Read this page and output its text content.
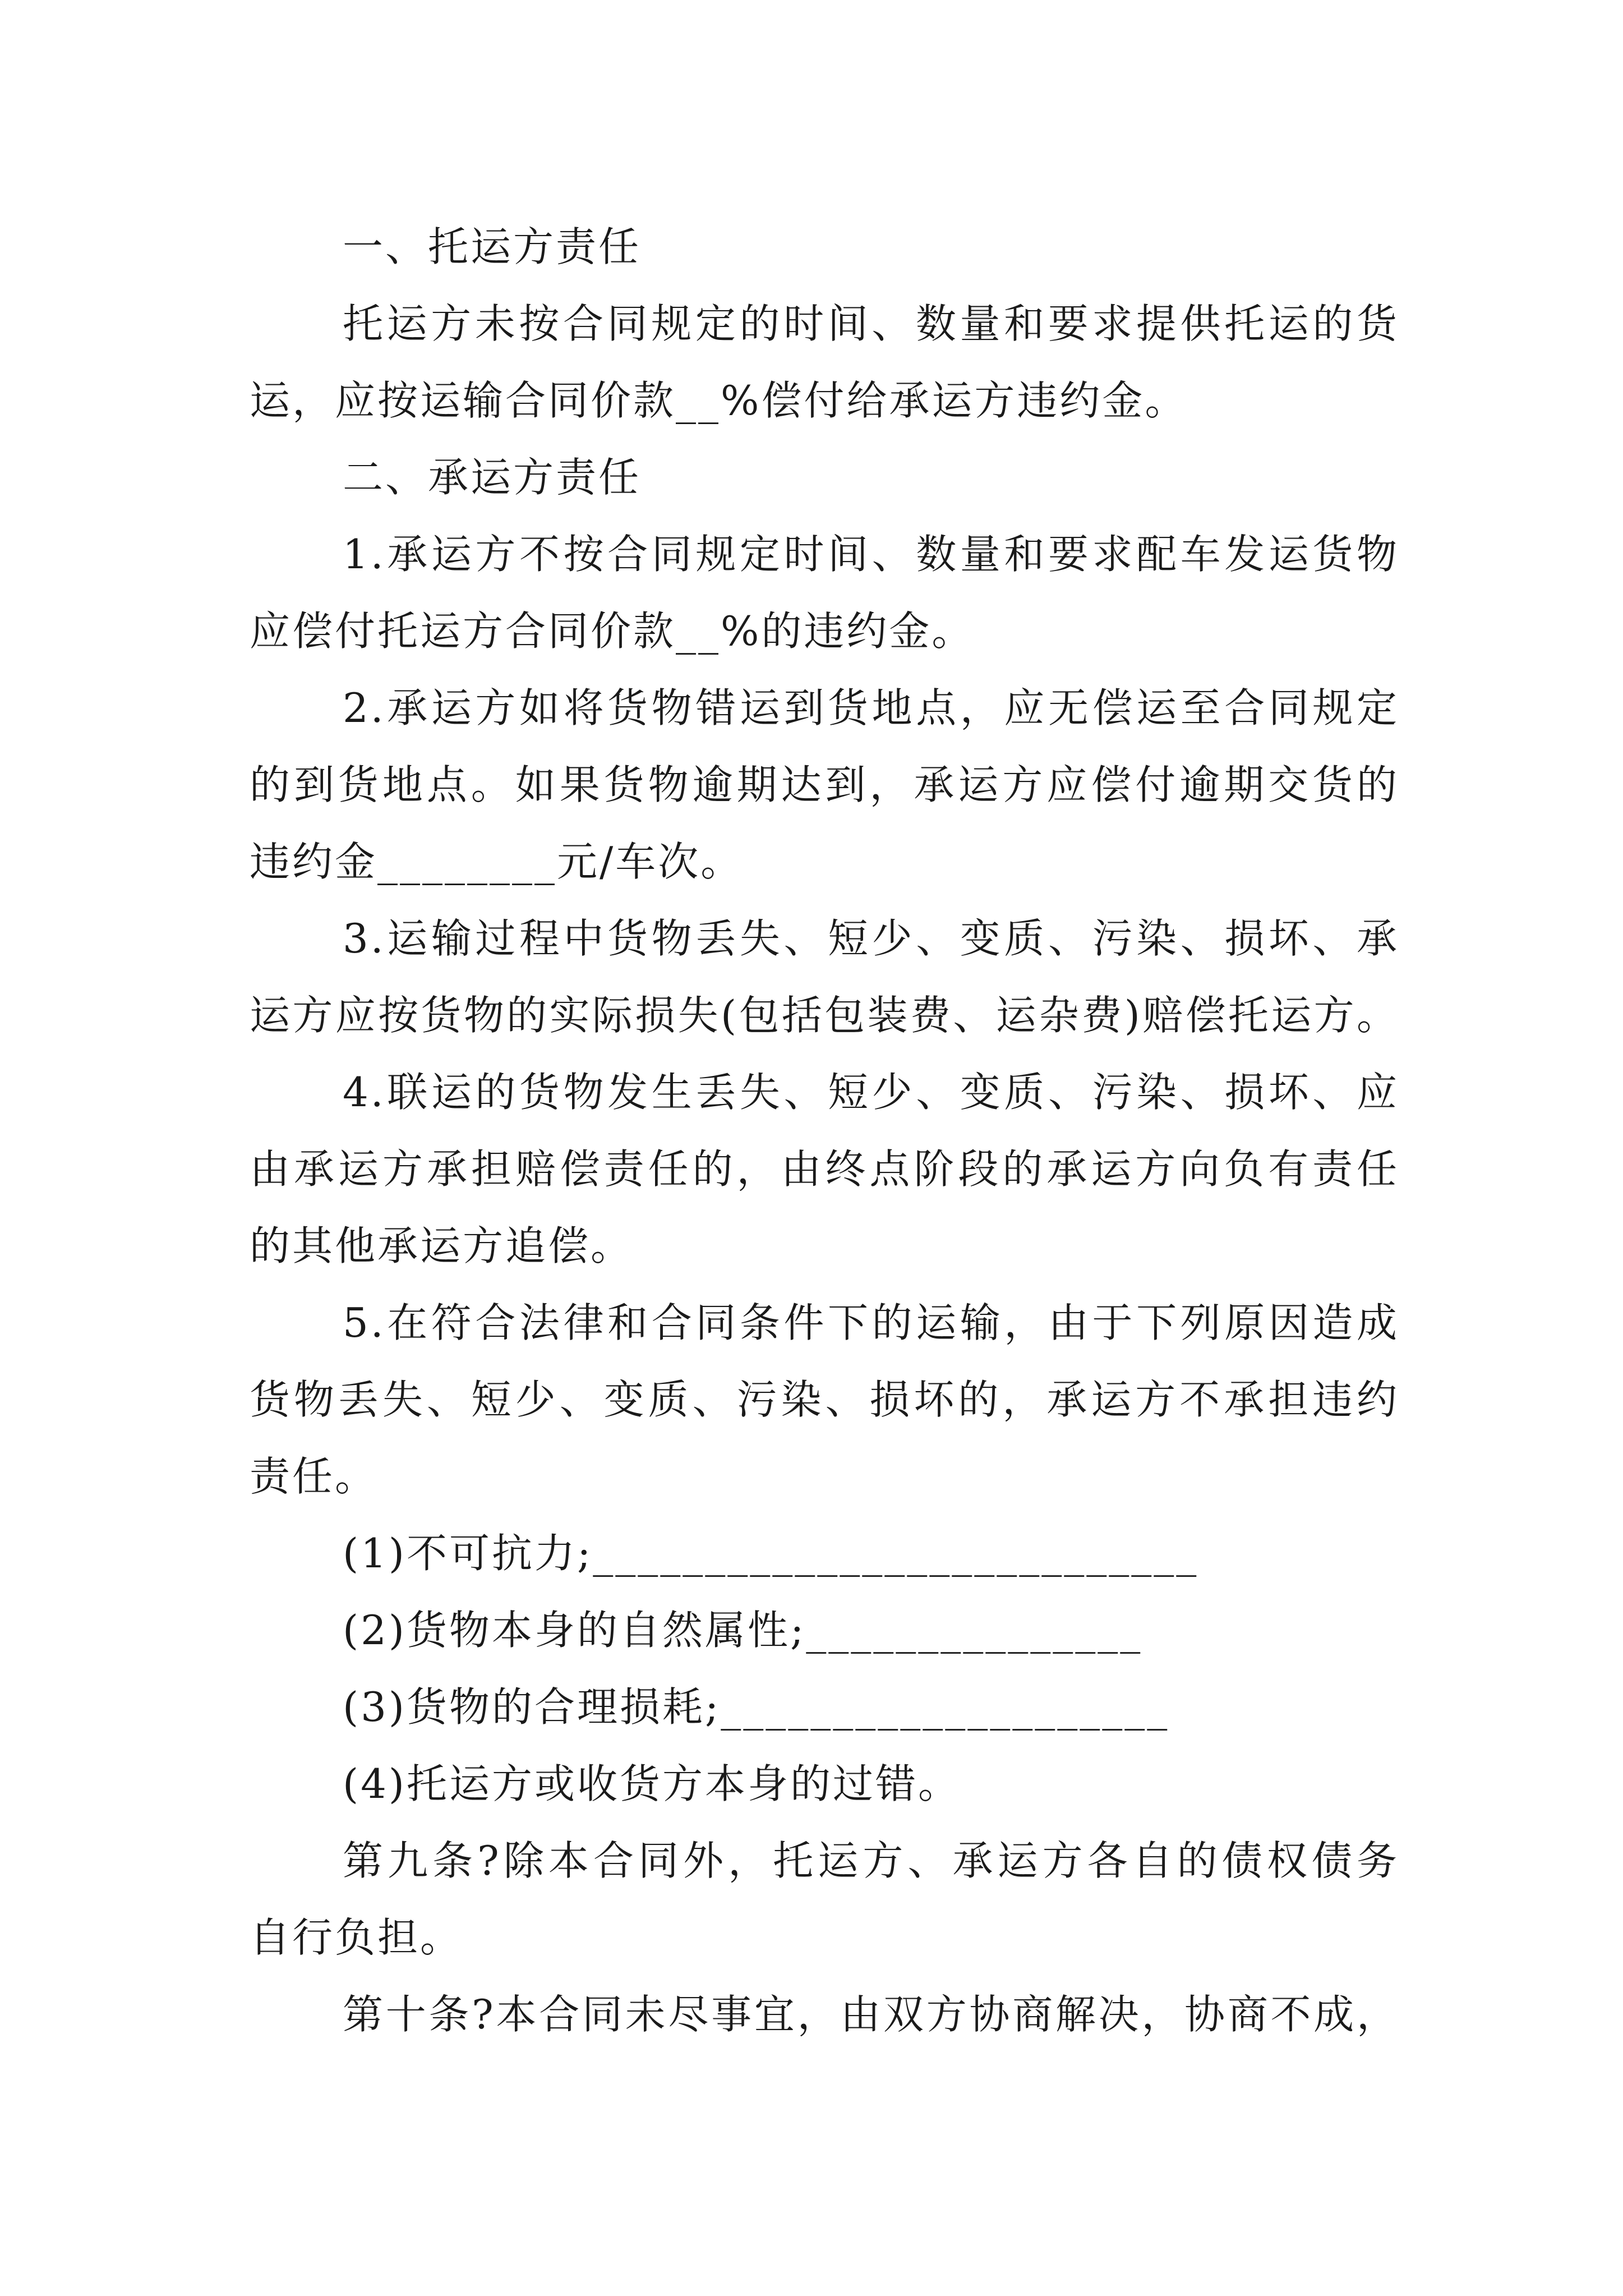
一、托运方责任
托运方未按合同规定的时间、数量和要求提供托运的货
运，应按运输合同价款__%偿付给承运方违约金。
二、承运方责任
1.承运方不按合同规定时间、数量和要求配车发运货物
应偿付托运方合同价款__%的违约金。
2.承运方如将货物错运到货地点，应无偿运至合同规定
的到货地点。如果货物逾期达到，承运方应偿付逾期交货的
违约金________元/车次。
3.运输过程中货物丢失、短少、变质、污染、损坏、承
运方应按货物的实际损失(包括包装费、运杂费)赔偿托运方。
4.联运的货物发生丢失、短少、变质、污染、损坏、应
由承运方承担赔偿责任的，由终点阶段的承运方向负有责任
的其他承运方追偿。
5.在符合法律和合同条件下的运输，由于下列原因造成
货物丢失、短少、变质、污染、损坏的，承运方不承担违约
责任。
(1)不可抗力;___________________________
(2)货物本身的自然属性;_______________
(3)货物的合理损耗;____________________
(4)托运方或收货方本身的过错。
第九条?除本合同外，托运方、承运方各自的债权债务
自行负担。
第十条?本合同未尽事宜，由双方协商解决，协商不成，
